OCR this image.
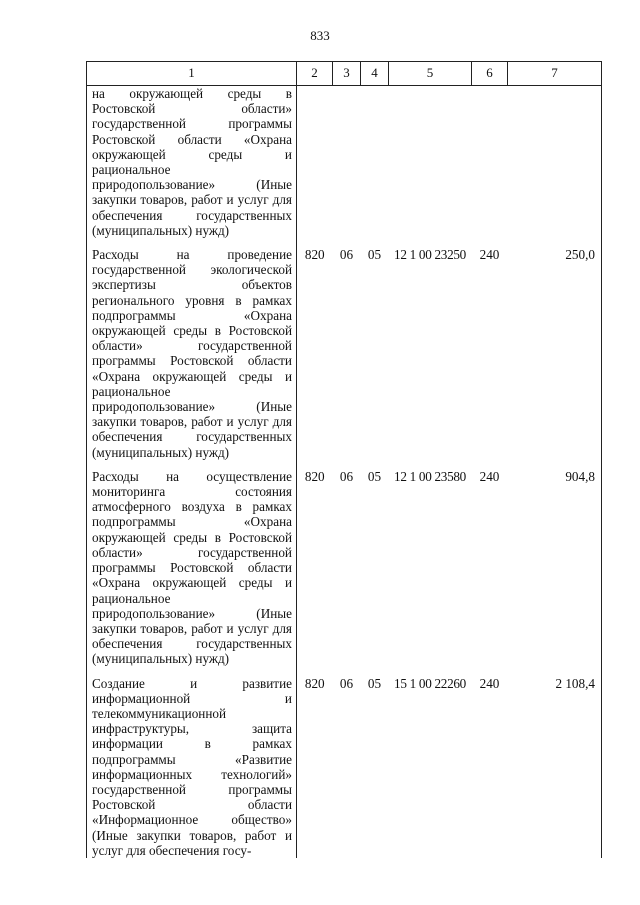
833
1	2	3	4	5	6	7
на окружающей среды в Ростовской области» государственной программы Ростовской области «Охрана окружающей среды и рациональное природопользование» (Иные закупки товаров, работ и услуг для обеспечения государственных (муниципальных) нужд)						

Расходы на проведение государственной экологической экспертизы объектов регионального уровня в рамках подпрограммы «Охрана окружающей среды в Ростовской области» государственной программы Ростовской области «Охрана окружающей среды и рациональное природопользование» (Иные закупки товаров, работ и услуг для обеспечения государственных (муниципальных) нужд)	820	06	05	12 1 00 23250	240	250,0

Расходы на осуществление мониторинга состояния атмосферного воздуха в рамках подпрограммы «Охрана окружающей среды в Ростовской области» государственной программы Ростовской области «Охрана окружающей среды и рациональное природопользование» (Иные закупки товаров, работ и услуг для обеспечения государственных (муниципальных) нужд)	820	06	05	12 1 00 23580	240	904,8

Создание и развитие информационной и телекоммуникационной инфраструктуры, защита информации в рамках подпрограммы «Развитие информационных технологий» государственной программы Ростовской области «Информационное общество» (Иные закупки товаров, работ и услуг для обеспечения госу-	820	06	05	15 1 00 22260	240	2 108,4
